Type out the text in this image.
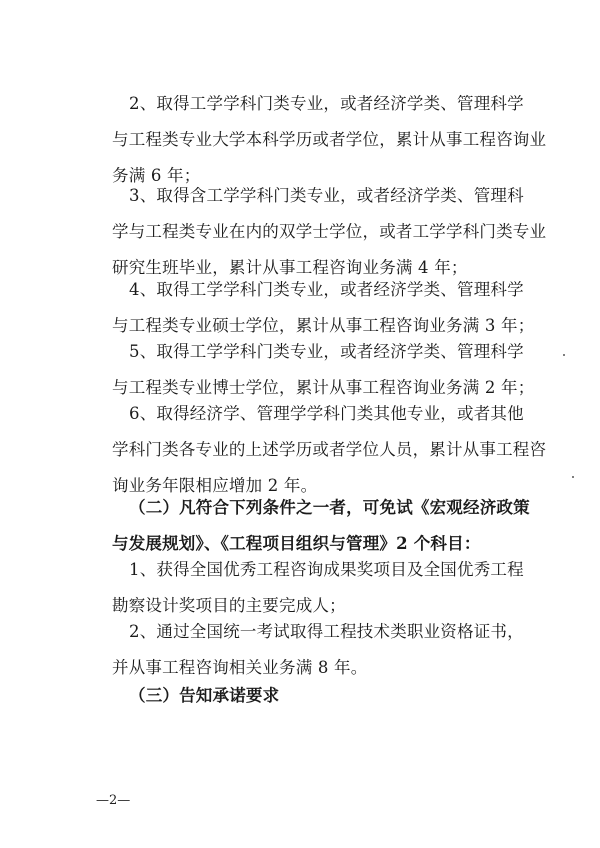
2、取得工学学科门类专业，或者经济学类、管理科学
与工程类专业大学本科学历或者学位，累计从事工程咨询业
务满 6 年；
3、取得含工学学科门类专业，或者经济学类、管理科
学与工程类专业在内的双学士学位，或者工学学科门类专业
研究生班毕业，累计从事工程咨询业务满 4 年；
4、取得工学学科门类专业，或者经济学类、管理科学
与工程类专业硕士学位，累计从事工程咨询业务满 3 年；
5、取得工学学科门类专业，或者经济学类、管理科学
与工程类专业博士学位，累计从事工程咨询业务满 2 年；
6、取得经济学、管理学学科门类其他专业，或者其他
学科门类各专业的上述学历或者学位人员，累计从事工程咨
询业务年限相应增加 2 年。
（二）凡符合下列条件之一者，可免试《宏观经济政策
与发展规划》、《工程项目组织与管理》2 个科目：
1、获得全国优秀工程咨询成果奖项目及全国优秀工程
勘察设计奖项目的主要完成人；
2、通过全国统一考试取得工程技术类职业资格证书，
并从事工程咨询相关业务满 8 年。
（三）告知承诺要求
—2—
